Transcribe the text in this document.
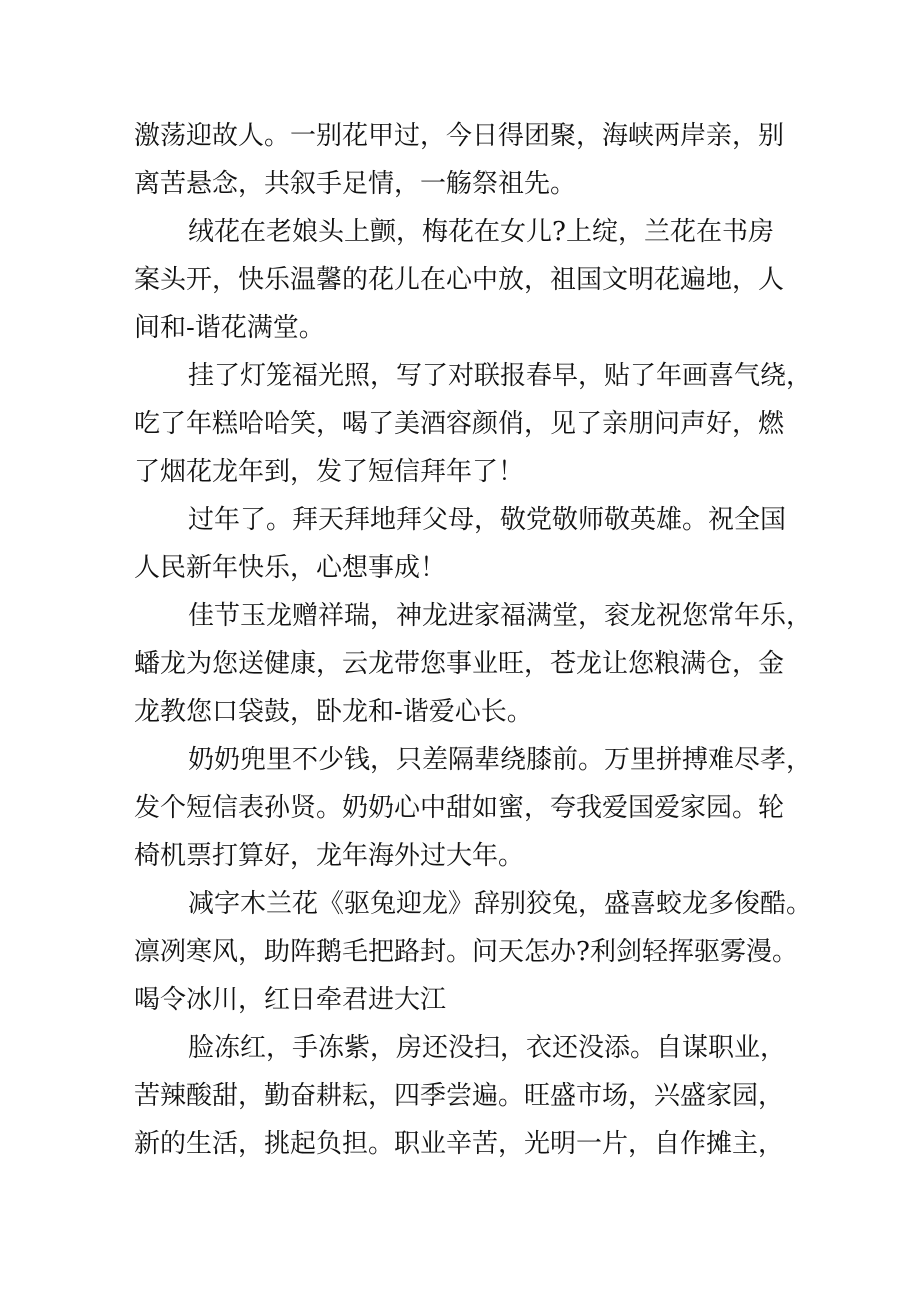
激荡迎故人。一别花甲过，今日得团聚，海峡两岸亲，别
离苦悬念，共叙手足情，一觞祭祖先。
绒花在老娘头上颤，梅花在女儿?上绽，兰花在书房
案头开，快乐温馨的花儿在心中放，祖国文明花遍地，人
间和-谐花满堂。
挂了灯笼福光照，写了对联报春早，贴了年画喜气绕，
吃了年糕哈哈笑，喝了美酒容颜俏，见了亲朋问声好，燃
了烟花龙年到，发了短信拜年了！
过年了。拜天拜地拜父母，敬党敬师敬英雄。祝全国
人民新年快乐，心想事成！
佳节玉龙赠祥瑞，神龙进家福满堂，衮龙祝您常年乐，
蟠龙为您送健康，云龙带您事业旺，苍龙让您粮满仓，金
龙教您口袋鼓，卧龙和-谐爱心长。
奶奶兜里不少钱，只差隔辈绕膝前。万里拼搏难尽孝，
发个短信表孙贤。奶奶心中甜如蜜，夸我爱国爱家园。轮
椅机票打算好，龙年海外过大年。
减字木兰花《驱兔迎龙》辞别狡兔，盛喜蛟龙多俊酷。
凛冽寒风，助阵鹅毛把路封。问天怎办?利剑轻挥驱雾漫。
喝令冰川，红日牵君进大江
脸冻红，手冻紫，房还没扫，衣还没添。自谋职业，
苦辣酸甜，勤奋耕耘，四季尝遍。旺盛市场，兴盛家园，
新的生活，挑起负担。职业辛苦，光明一片，自作摊主，
